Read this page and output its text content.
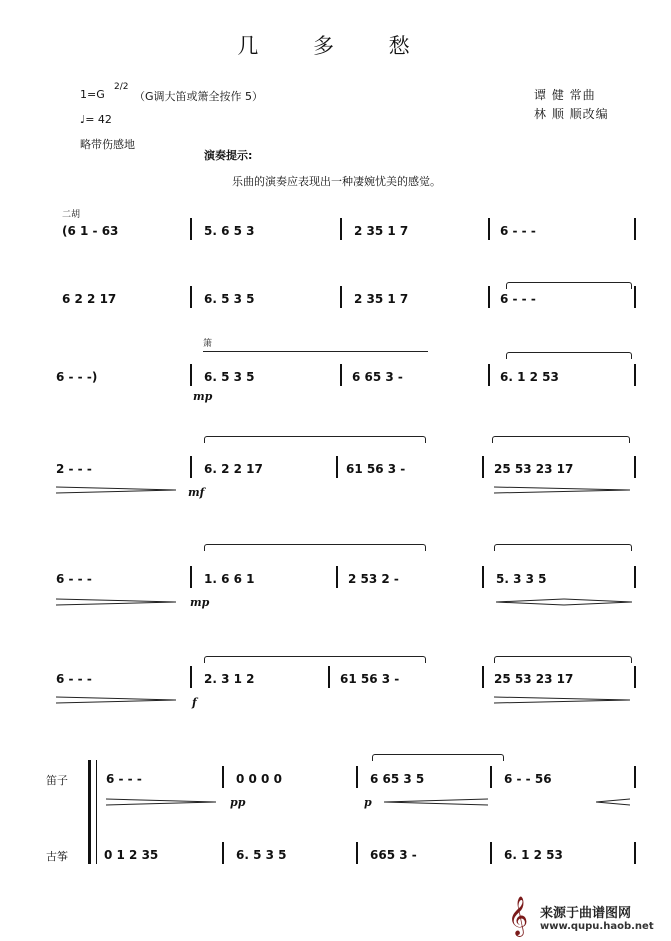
几 多 愁
1=G
2/2
（G调大笛或箫全按作 5）
♩= 42
略带伤感地
谭 健 常曲
林 顺 顺改编
演奏提示:
乐曲的演奏应表现出一种凄婉忧美的感觉。
二胡
(6 1 - 63	5. 6 5 3	2 35 1 7	6 - - -
6 2 2 17	6. 5 3 5	2 35 1 7	6 - - -
箫
6 - - -)	6. 5 3 5	6 65 3 -	6. 1 2 53
mp
2 - - -	6. 2 2 17	61 56 3 -	25 53 23 17
mf
6 - - -	1. 6 6 1	2 53 2 -	5. 3 3 5
mp
6 - - -	2. 3 1 2	61 56 3 -	25 53 23 17
f
笛子
古筝
6 - - -	0 0 0 0	6 65 3 5	6 - - 56
pp	p
0 1 2 35	6. 5 3 5	665 3 -	6. 1 2 53
𝄞 来源于曲谱图网
www.qupu.haob.net
